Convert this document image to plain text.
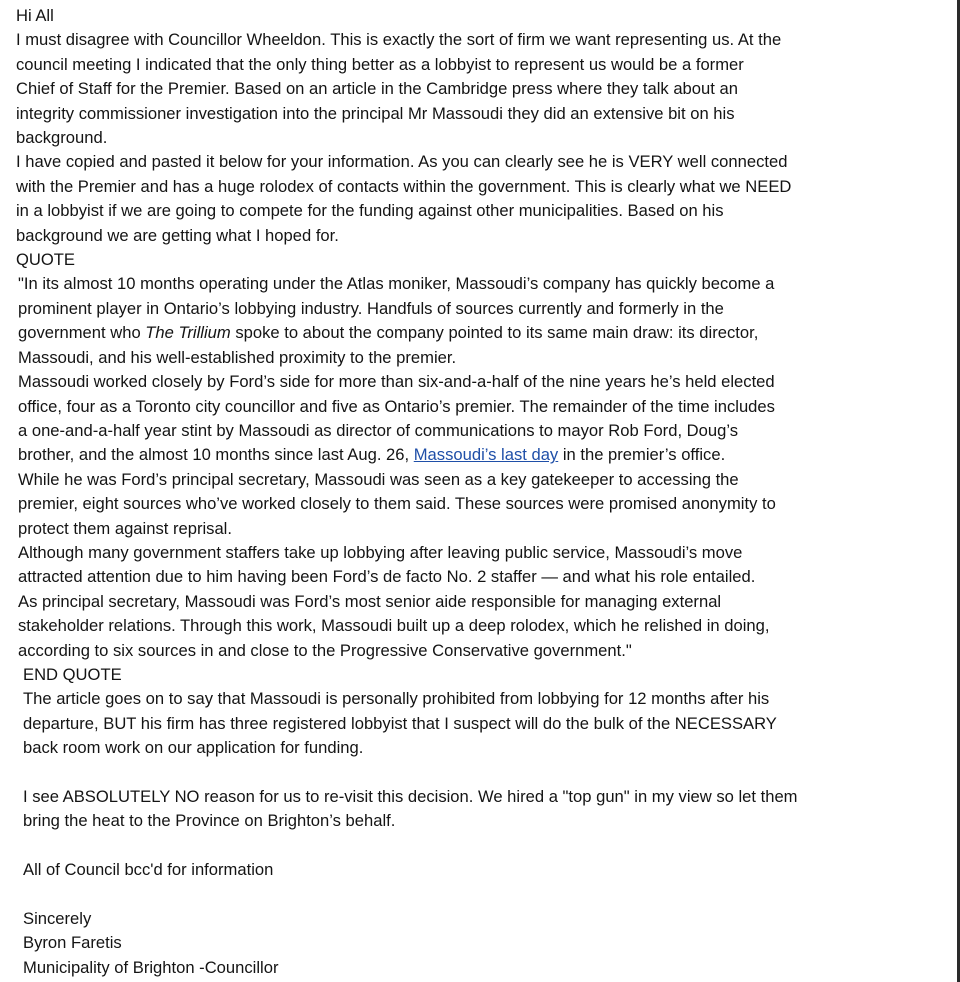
Hi All
I must disagree with Councillor Wheeldon. This is exactly the sort of firm we want representing us. At the
council meeting I indicated that the only thing better as a lobbyist to represent us would be a former
Chief of Staff for the Premier. Based on an article in the Cambridge press where they talk about an
integrity commissioner investigation into the principal Mr Massoudi they did an extensive bit on his
background.
I have copied and pasted it below for your information. As you can clearly see he is VERY well connected
with the Premier and has a huge rolodex of contacts within the government. This is clearly what we NEED
in a lobbyist if we are going to compete for the funding against other municipalities. Based on his
background we are getting what I hoped for.
QUOTE
"In its almost 10 months operating under the Atlas moniker, Massoudi’s company has quickly become a
prominent player in Ontario’s lobbying industry. Handfuls of sources currently and formerly in the
government who The Trillium spoke to about the company pointed to its same main draw: its director,
Massoudi, and his well-established proximity to the premier.
Massoudi worked closely by Ford’s side for more than six-and-a-half of the nine years he’s held elected
office, four as a Toronto city councillor and five as Ontario’s premier. The remainder of the time includes
a one-and-a-half year stint by Massoudi as director of communications to mayor Rob Ford, Doug’s
brother, and the almost 10 months since last Aug. 26, Massoudi’s last day in the premier’s office.
While he was Ford’s principal secretary, Massoudi was seen as a key gatekeeper to accessing the
premier, eight sources who’ve worked closely to them said. These sources were promised anonymity to
protect them against reprisal.
Although many government staffers take up lobbying after leaving public service, Massoudi’s move
attracted attention due to him having been Ford’s de facto No. 2 staffer — and what his role entailed.
As principal secretary, Massoudi was Ford’s most senior aide responsible for managing external
stakeholder relations. Through this work, Massoudi built up a deep rolodex, which he relished in doing,
according to six sources in and close to the Progressive Conservative government."
END QUOTE
The article goes on to say that Massoudi is personally prohibited from lobbying for 12 months after his
departure, BUT his firm has three registered lobbyist that I suspect will do the bulk of the NECESSARY
back room work on our application for funding.
I see ABSOLUTELY NO reason for us to re-visit this decision. We hired a "top gun" in my view so let them
bring the heat to the Province on Brighton’s behalf.
All of Council bcc'd for information
Sincerely
Byron Faretis
Municipality of Brighton -Councillor
